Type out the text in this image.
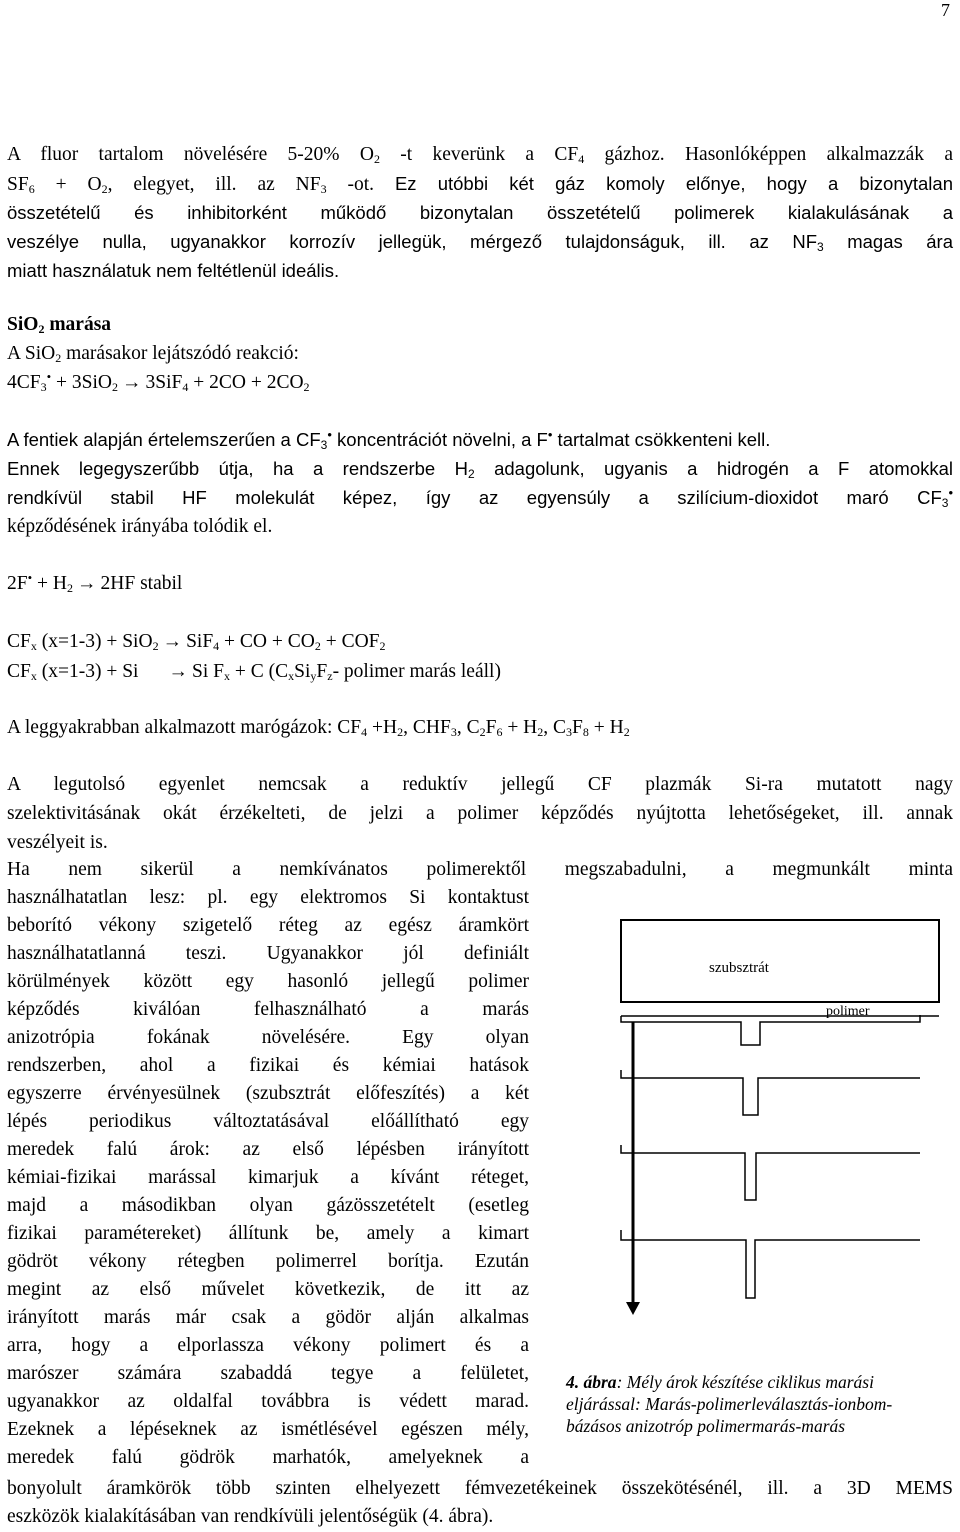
7
A fluor tartalom növelésére 5-20% $O_2$ -t keverünk a $CF_4$ gázhoz. Hasonlóképpen alkalmazzák a
$SF_6 + O_2$, elegyet, ill. az $NF_3$ -ot. Ez utóbbi két gáz komoly előnye, hogy a bizonytalan
összetételű és inhibitorként működő bizonytalan összetételű polimerek kialakulásának a
veszélye nulla, ugyanakkor korrozív jellegük, mérgező tulajdonságuk, ill. az $NF_3$ magas ára
miatt használatuk nem feltétlenül ideális.
SiO$_2$ marása
A SiO$_2$ marásakor lejátszódó reakció:
$4CF_3^• + 3SiO_2 \to 3SiF_4 + 2CO + 2CO_2$
A fentiek alapján értelemszerűen a $CF_3^•$ koncentrációt növelni, a F• tartalmat csökkenteni kell.
Ennek legegyszerűbb útja, ha a rendszerbe $H_2$ adagolunk, ugyanis a hidrogén a F atomokkal
rendkívül stabil HF molekulát képez, így az egyensúly a szilícium-dioxidot maró $CF_3^•$
képződésének irányába tolódik el.
$2F^• + H_2 \to 2HF$ stabil
$CF_x$ (x=1-3) + SiO$_2$ → SiF$_4$ + CO + $CO_2 + COF_2$
$CF_x$ (x=1-3) + Si → Si $F_x + C$ ($C_xSi_yF_z-$ polimer marás leáll)
A leggyakrabban alkalmazott marógázok: $CF_4 +H_2$, $CHF_3$, $C_2F_6 + H_2$, $C_3F_8 + H_2$
A legutolsó egyenlet nemcsak a reduktív jellegű CF plazmák Si-ra mutatott nagy
szelektivitásának okát érzékelteti, de jelzi a polimer képződés nyújtotta lehetőségeket, ill. annak
veszélyeit is.
Ha nem sikerül a nemkívánatos polimerektől megszabadulni, a megmunkált minta
használhatatlan lesz: pl. egy elektromos Si kontaktust
beborító vékony szigetelő réteg az egész áramkört
használhatatlanná teszi. Ugyanakkor jól definiált
körülmények között egy hasonló jellegű polimer
képződés kiválóan felhasználható a marás
anizotrópia fokának növelésére. Egy olyan
rendszerben, ahol a fizikai és kémiai hatások
egyszerre érvényesülnek (szubsztrát előfeszítés) a két
lépés periodikus változtatásával előállítható egy
meredek falú árok: az első lépésben irányított
kémiai-fizikai marással kimarjuk a kívánt réteget,
majd a másodikban olyan gázösszetételt (esetleg
fizikai paramétereket) állítunk be, amely a kimart
gödröt vékony rétegben polimerrel borítja. Ezután
megint az első művelet következik, de itt az
irányított marás már csak a gödör alján alkalmas
arra, hogy a elporlassza vékony polimert és a
marószer számára szabaddá tegye a felületet,
ugyanakkor az oldalfal továbbra is védett marad.
Ezeknek a lépéseknek az ismétlésével egészen mély,
meredek falú gödrök marhatók, amelyeknek a
bonyolult áramkörök több szinten elhelyezett fémvezetékeinek összekötésénél, ill. a 3D MEMS
eszközök kialakításában van rendkívüli jelentőségük (4. ábra).
szubsztrát
polimer
4. ábra: Mély árok készítése ciklikus marási
eljárással: Marás-polimerleválasztás-ionbom-
bázásos anizotróp polimermarás-marás
